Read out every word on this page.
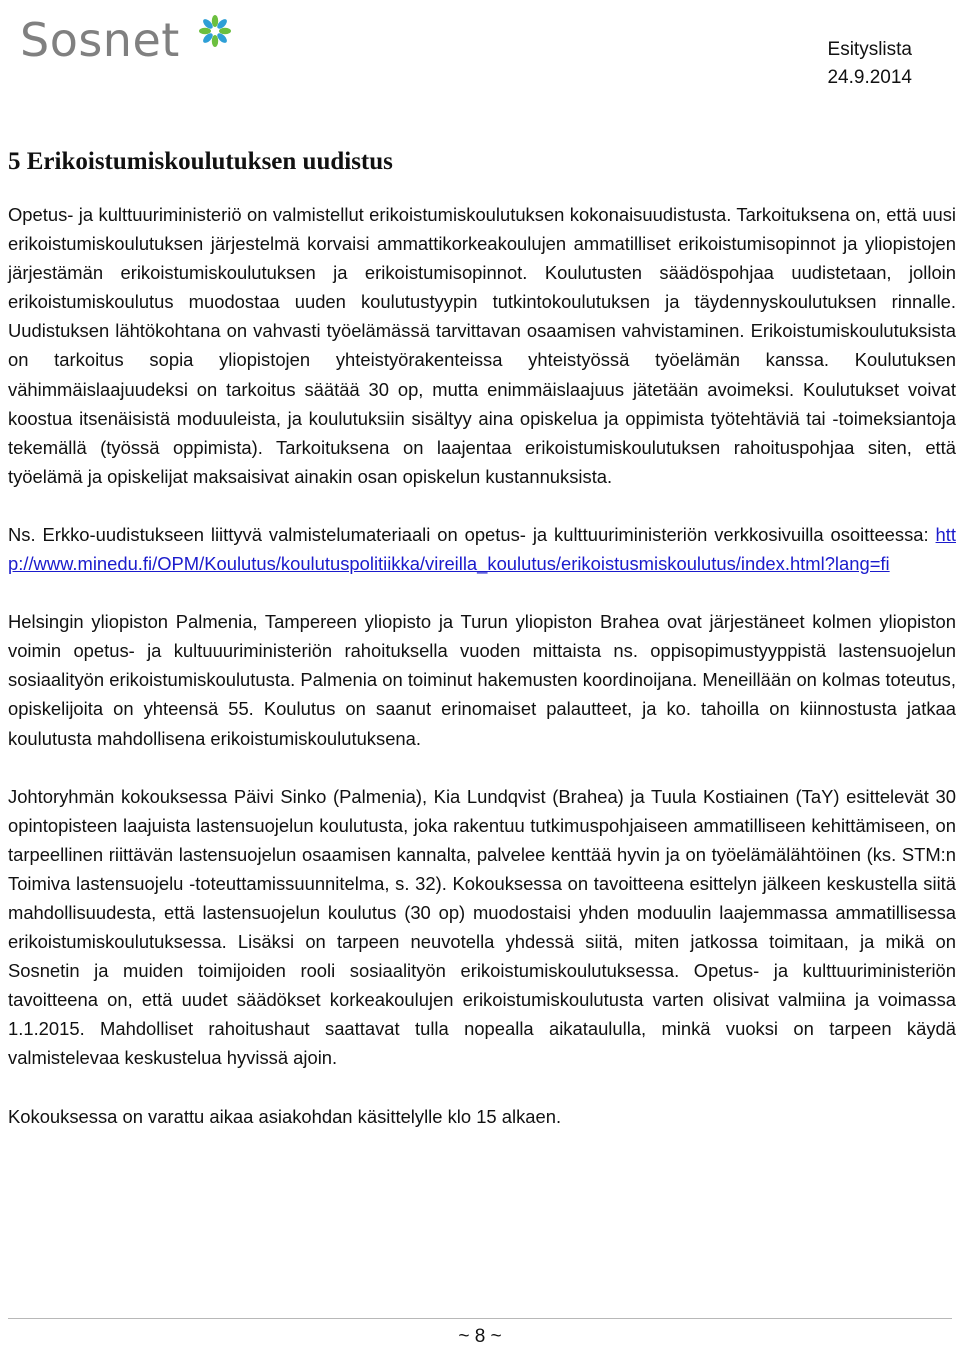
Sosnet	Esityslista
24.9.2014
5 Erikoistumiskoulutuksen uudistus

Opetus- ja kulttuuriministeriö on valmistellut erikoistumiskoulutuksen kokonaisuudistusta. Tarkoituksena on, että uusi erikoistumiskoulutuksen järjestelmä korvaisi ammattikorkeakoulujen ammatilliset erikoistumisopinnot ja yliopistojen järjestämän erikoistumiskoulutuksen ja erikoistumisopinnot. Koulutusten säädöspohjaa uudistetaan, jolloin erikoistumiskoulutus muodostaa uuden koulutustyypin tutkintokoulutuksen ja täydennyskoulutuksen rinnalle. Uudistuksen lähtökohtana on vahvasti työelämässä tarvittavan osaamisen vahvistaminen. Erikoistumiskoulutuksista on tarkoitus sopia yliopistojen yhteistyörakenteissa yhteistyössä työelämän kanssa. Koulutuksen vähimmäislaajuudeksi on tarkoitus säätää 30 op, mutta enimmäislaajuus jätetään avoimeksi. Koulutukset voivat koostua itsenäisistä moduuleista, ja koulutuksiin sisältyy aina opiskelua ja oppimista työtehtäviä tai -toimeksiantoja tekemällä (työssä oppimista). Tarkoituksena on laajentaa erikoistumiskoulutuksen rahoituspohjaa siten, että työelämä ja opiskelijat maksaisivat ainakin osan opiskelun kustannuksista.

Ns. Erkko-uudistukseen liittyvä valmistelumateriaali on opetus- ja kulttuuriministeriön verkkosivuilla osoitteessa: http://www.minedu.fi/OPM/Koulutus/koulutuspolitiikka/vireilla_koulutus/erikoistusmiskoulutus/index.html?lang=fi

Helsingin yliopiston Palmenia, Tampereen yliopisto ja Turun yliopiston Brahea ovat järjestäneet kolmen yliopiston voimin opetus- ja kultuuuriministeriön rahoituksella vuoden mittaista ns. oppisopimustyyppistä lastensuojelun sosiaalityön erikoistumiskoulutusta. Palmenia on toiminut hakemusten koordinoijana. Meneillään on kolmas toteutus, opiskelijoita on yhteensä 55. Koulutus on saanut erinomaiset palautteet, ja ko. tahoilla on kiinnostusta jatkaa koulutusta mahdollisena erikoistumiskoulutuksena.

Johtoryhmän kokouksessa Päivi Sinko (Palmenia), Kia Lundqvist (Brahea) ja Tuula Kostiainen (TaY) esittelevät 30 opintopisteen laajuista lastensuojelun koulutusta, joka rakentuu tutkimuspohjaiseen ammatilliseen kehittämiseen, on tarpeellinen riittävän lastensuojelun osaamisen kannalta, palvelee kenttää hyvin ja on työelämälähtöinen (ks. STM:n Toimiva lastensuojelu -toteuttamissuunnitelma, s. 32). Kokouksessa on tavoitteena esittelyn jälkeen keskustella siitä mahdollisuudesta, että lastensuojelun koulutus (30 op) muodostaisi yhden moduulin laajemmassa ammatillisessa erikoistumiskoulutuksessa. Lisäksi on tarpeen neuvotella yhdessä siitä, miten jatkossa toimitaan, ja mikä on Sosnetin ja muiden toimijoiden rooli sosiaalityön erikoistumiskoulutuksessa. Opetus- ja kulttuuriministeriön tavoitteena on, että uudet säädökset korkeakoulujen erikoistumiskoulutusta varten olisivat valmiina ja voimassa 1.1.2015. Mahdolliset rahoitushaut saattavat tulla nopealla aikataululla, minkä vuoksi on tarpeen käydä valmistelevaa keskustelua hyvissä ajoin.

Kokouksessa on varattu aikaa asiakohdan käsittelylle klo 15 alkaen.

~ 8 ~
